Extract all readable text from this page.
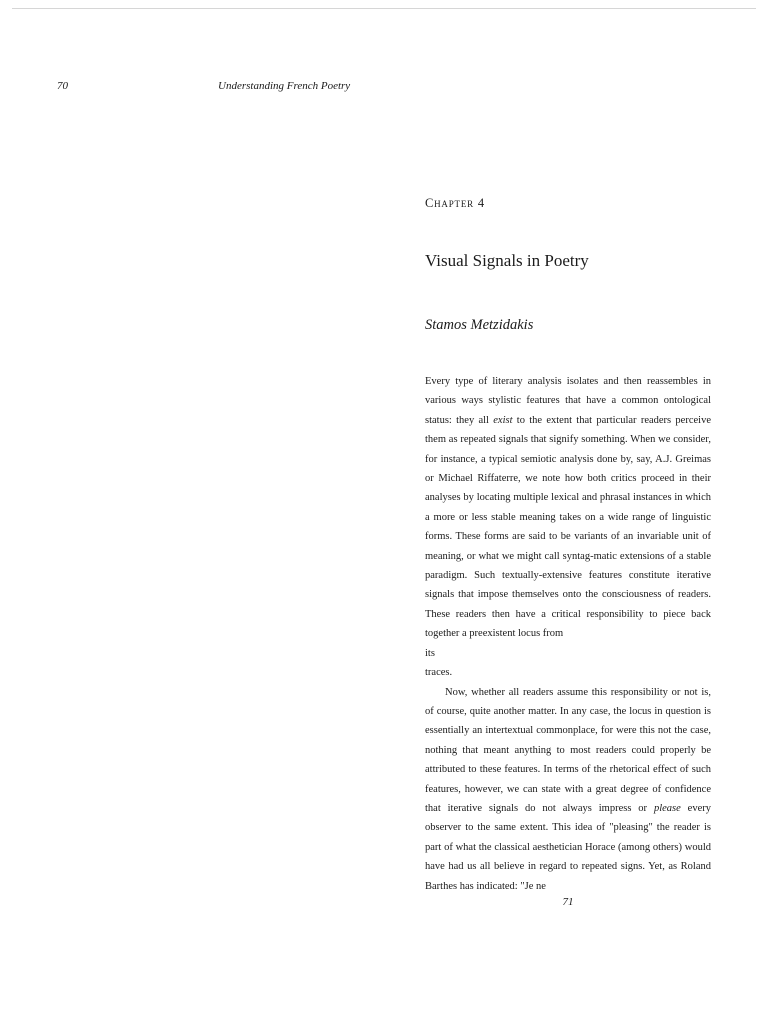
70	Understanding French Poetry
Chapter 4
Visual Signals in Poetry
Stamos Metzidakis

Every type of literary analysis isolates and then reassembles in various ways stylistic features that have a common ontological status: they all exist to the extent that particular readers perceive them as repeated signals that signify something. When we consider, for instance, a typical semiotic analysis done by, say, A.J. Greimas or Michael Riffaterre, we note how both critics proceed in their analyses by locating multiple lexical and phrasal instances in which a more or less stable meaning takes on a wide range of linguistic forms. These forms are said to be variants of an invariable unit of meaning, or what we might call syntag-matic extensions of a stable paradigm. Such textually-extensive features constitute iterative signals that impose themselves onto the consciousness of readers. These readers then have a critical responsibility to piece back together a preexistent locus from
its
traces.

Now, whether all readers assume this responsibility or not is, of course, quite another matter. In any case, the locus in question is essentially an intertextual commonplace, for were this not the case, nothing that meant anything to most readers could properly be attributed to these features. In terms of the rhetorical effect of such features, however, we can state with a great degree of confidence that iterative signals do not always impress or please every observer to the same extent. This idea of "pleasing" the reader is part of what the classical aesthetician Horace (among others) would have had us all believe in regard to repeated signs. Yet, as Roland Barthes has indicated: "Je ne

71
